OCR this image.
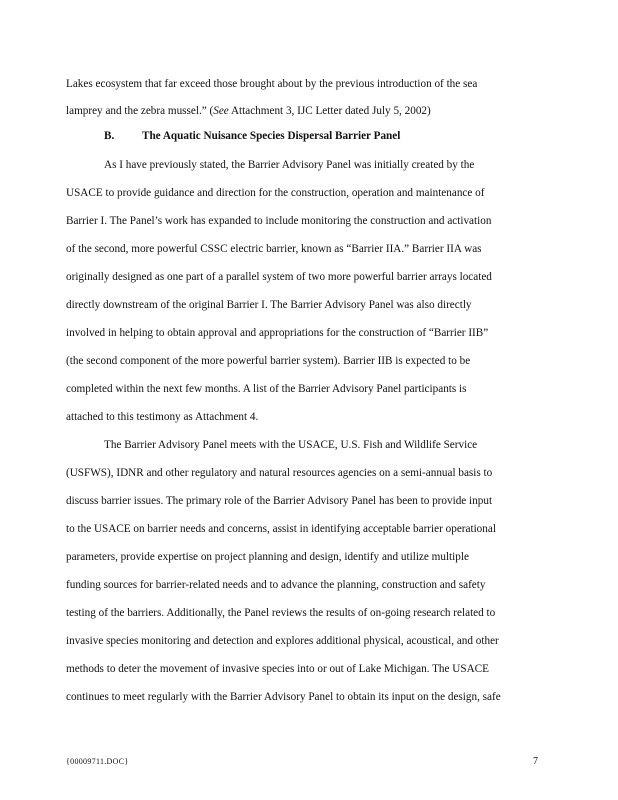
Lakes ecosystem that far exceed those brought about by the previous introduction of the sea
lamprey and the zebra mussel.” (See Attachment 3, IJC Letter dated July 5, 2002)
B. The Aquatic Nuisance Species Dispersal Barrier Panel
As I have previously stated, the Barrier Advisory Panel was initially created by the
USACE to provide guidance and direction for the construction, operation and maintenance of
Barrier I. The Panel’s work has expanded to include monitoring the construction and activation
of the second, more powerful CSSC electric barrier, known as “Barrier IIA.” Barrier IIA was
originally designed as one part of a parallel system of two more powerful barrier arrays located
directly downstream of the original Barrier I. The Barrier Advisory Panel was also directly
involved in helping to obtain approval and appropriations for the construction of “Barrier IIB”
(the second component of the more powerful barrier system). Barrier IIB is expected to be
completed within the next few months. A list of the Barrier Advisory Panel participants is
attached to this testimony as Attachment 4.
The Barrier Advisory Panel meets with the USACE, U.S. Fish and Wildlife Service
(USFWS), IDNR and other regulatory and natural resources agencies on a semi-annual basis to
discuss barrier issues. The primary role of the Barrier Advisory Panel has been to provide input
to the USACE on barrier needs and concerns, assist in identifying acceptable barrier operational
parameters, provide expertise on project planning and design, identify and utilize multiple
funding sources for barrier-related needs and to advance the planning, construction and safety
testing of the barriers. Additionally, the Panel reviews the results of on-going research related to
invasive species monitoring and detection and explores additional physical, acoustical, and other
methods to deter the movement of invasive species into or out of Lake Michigan. The USACE
continues to meet regularly with the Barrier Advisory Panel to obtain its input on the design, safe
{00009711.DOC}	7
